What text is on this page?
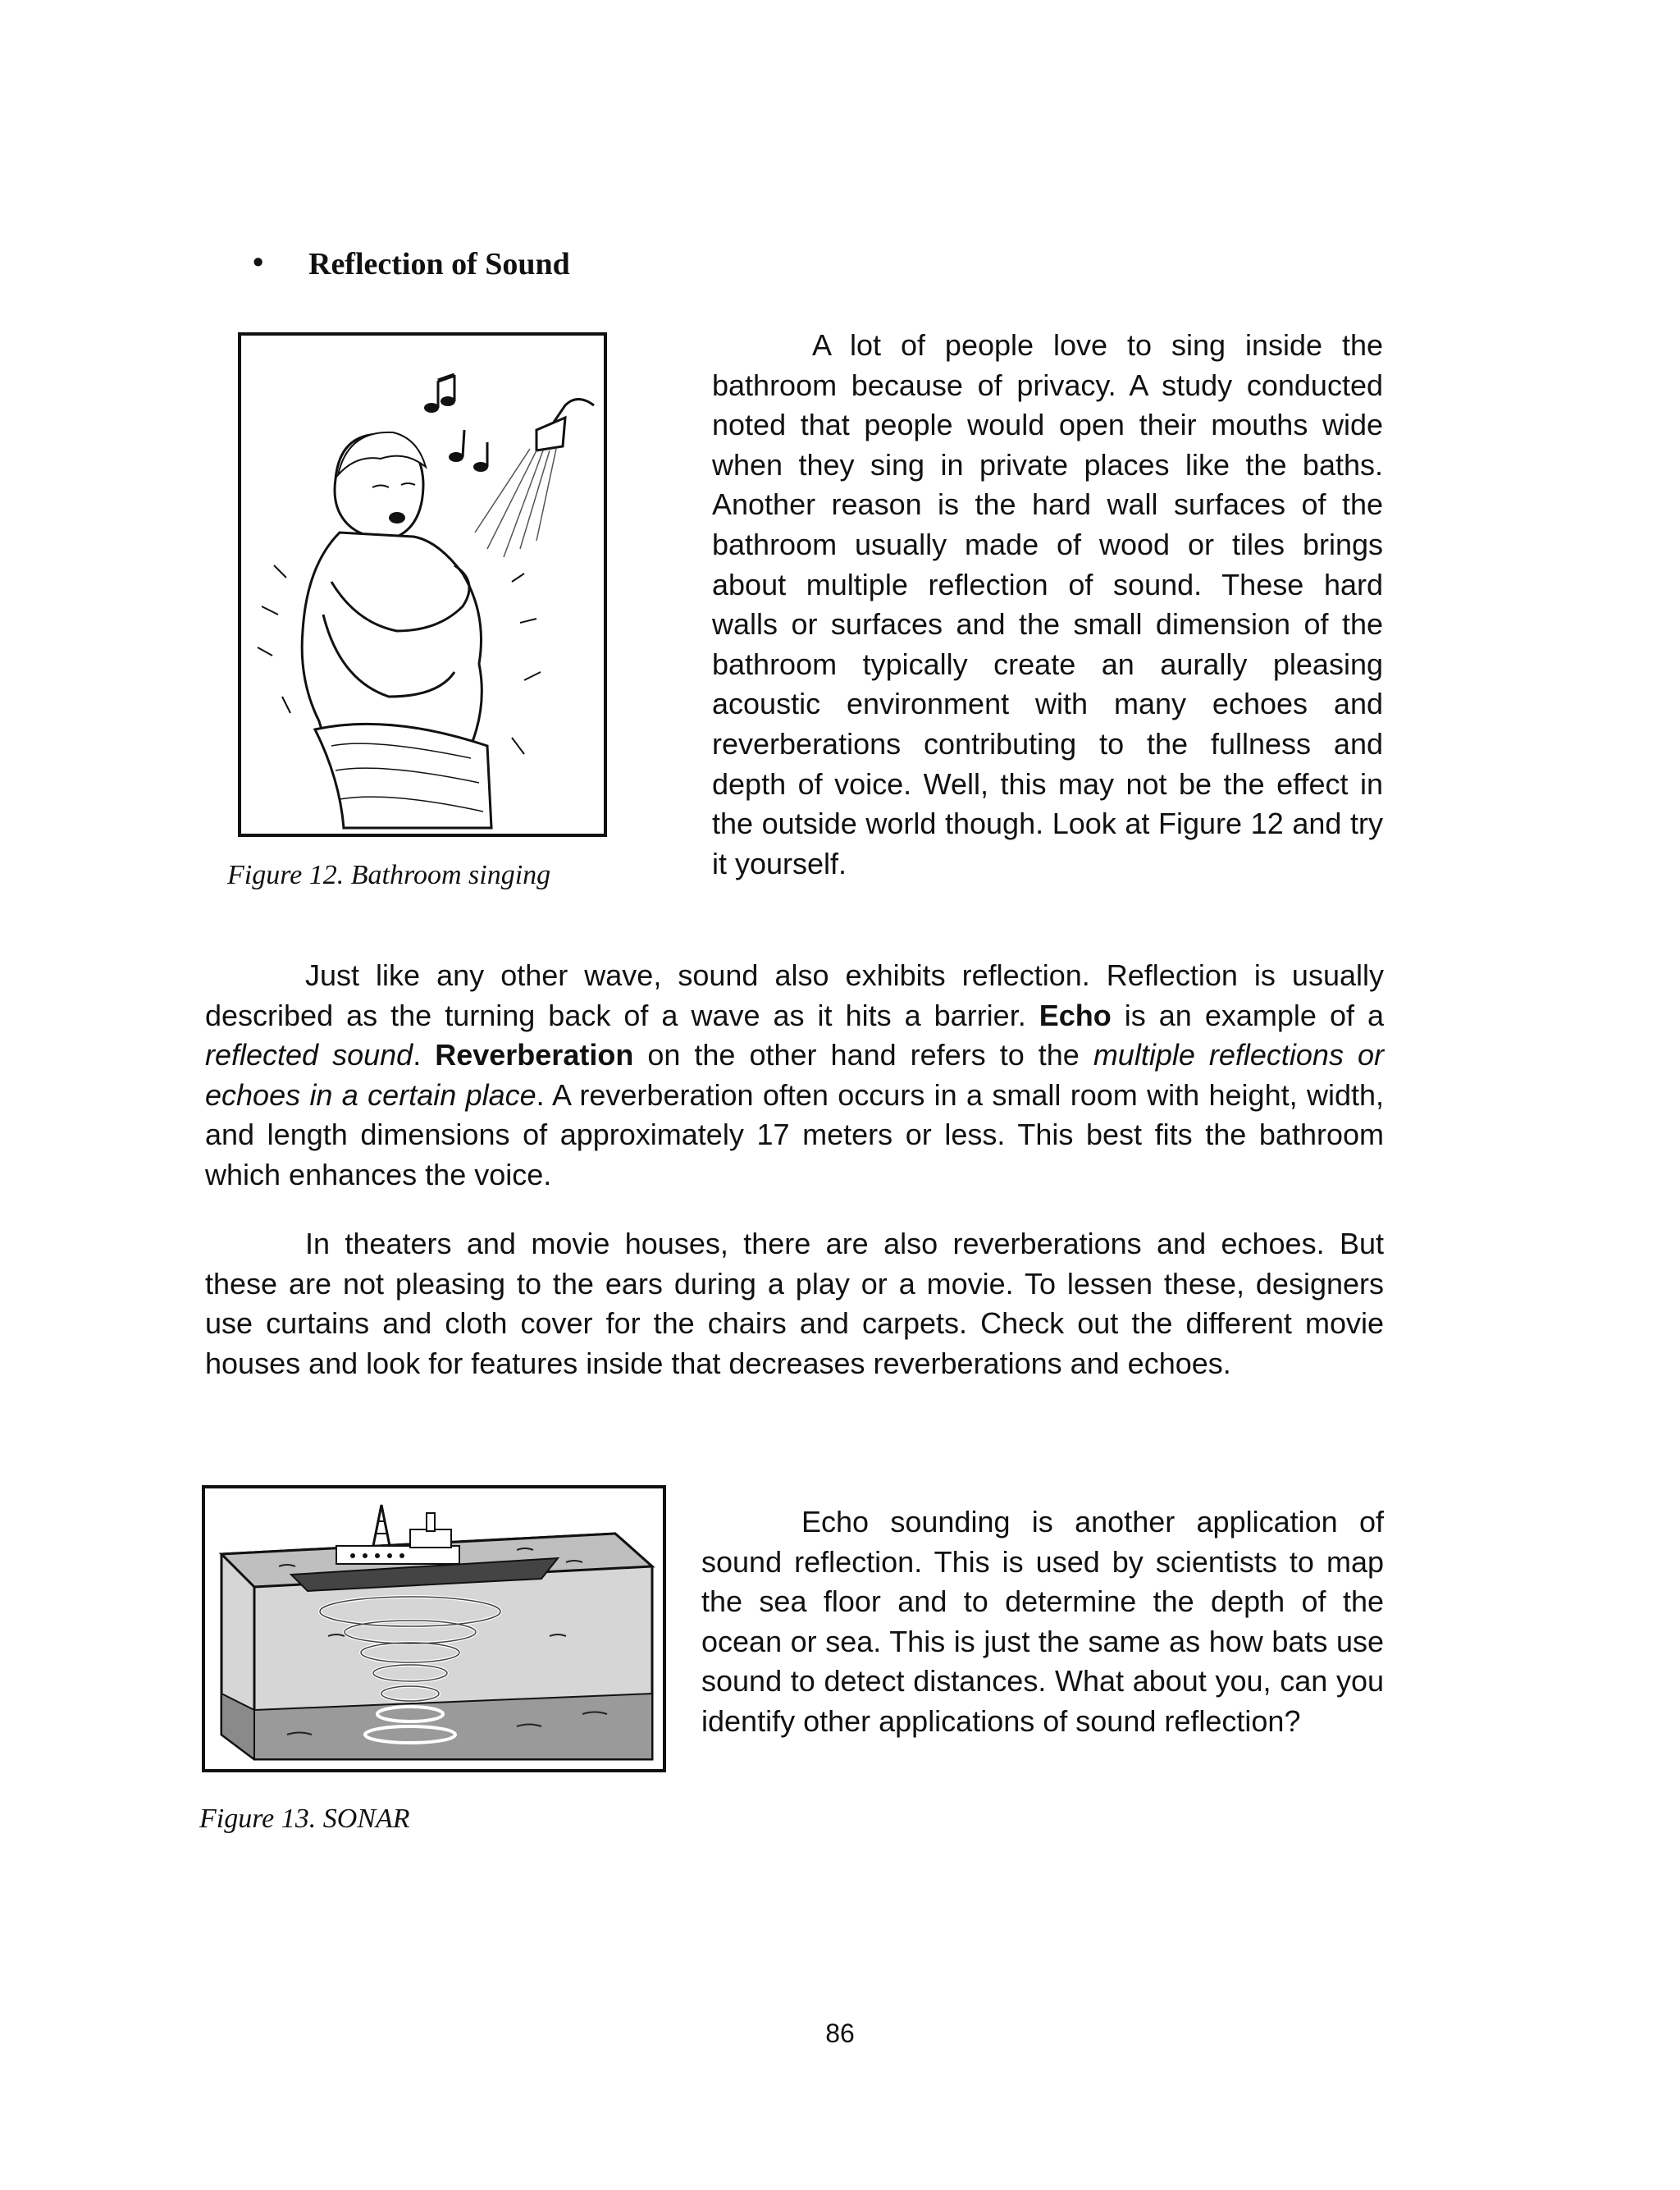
• Reflection of Sound
Figure 12. Bathroom singing
A lot of people love to sing inside the bathroom because of privacy. A study conducted noted that people would open their mouths wide when they sing in private places like the baths. Another reason is the hard wall surfaces of the bathroom usually made of wood or tiles brings about multiple reflection of sound. These hard walls or surfaces and the small dimension of the bathroom typically create an aurally pleasing acoustic environment with many echoes and reverberations contributing to the fullness and depth of voice. Well, this may not be the effect in the outside world though. Look at Figure 12 and try it yourself.
Just like any other wave, sound also exhibits reflection. Reflection is usually described as the turning back of a wave as it hits a barrier. Echo is an example of a reflected sound. Reverberation on the other hand refers to the multiple reflections or echoes in a certain place. A reverberation often occurs in a small room with height, width, and length dimensions of approximately 17 meters or less. This best fits the bathroom which enhances the voice.
In theaters and movie houses, there are also reverberations and echoes. But these are not pleasing to the ears during a play or a movie. To lessen these, designers use curtains and cloth cover for the chairs and carpets. Check out the different movie houses and look for features inside that decreases reverberations and echoes.
Figure 13. SONAR
Echo sounding is another application of sound reflection. This is used by scientists to map the sea floor and to determine the depth of the ocean or sea. This is just the same as how bats use sound to detect distances. What about you, can you identify other applications of sound reflection?
86
